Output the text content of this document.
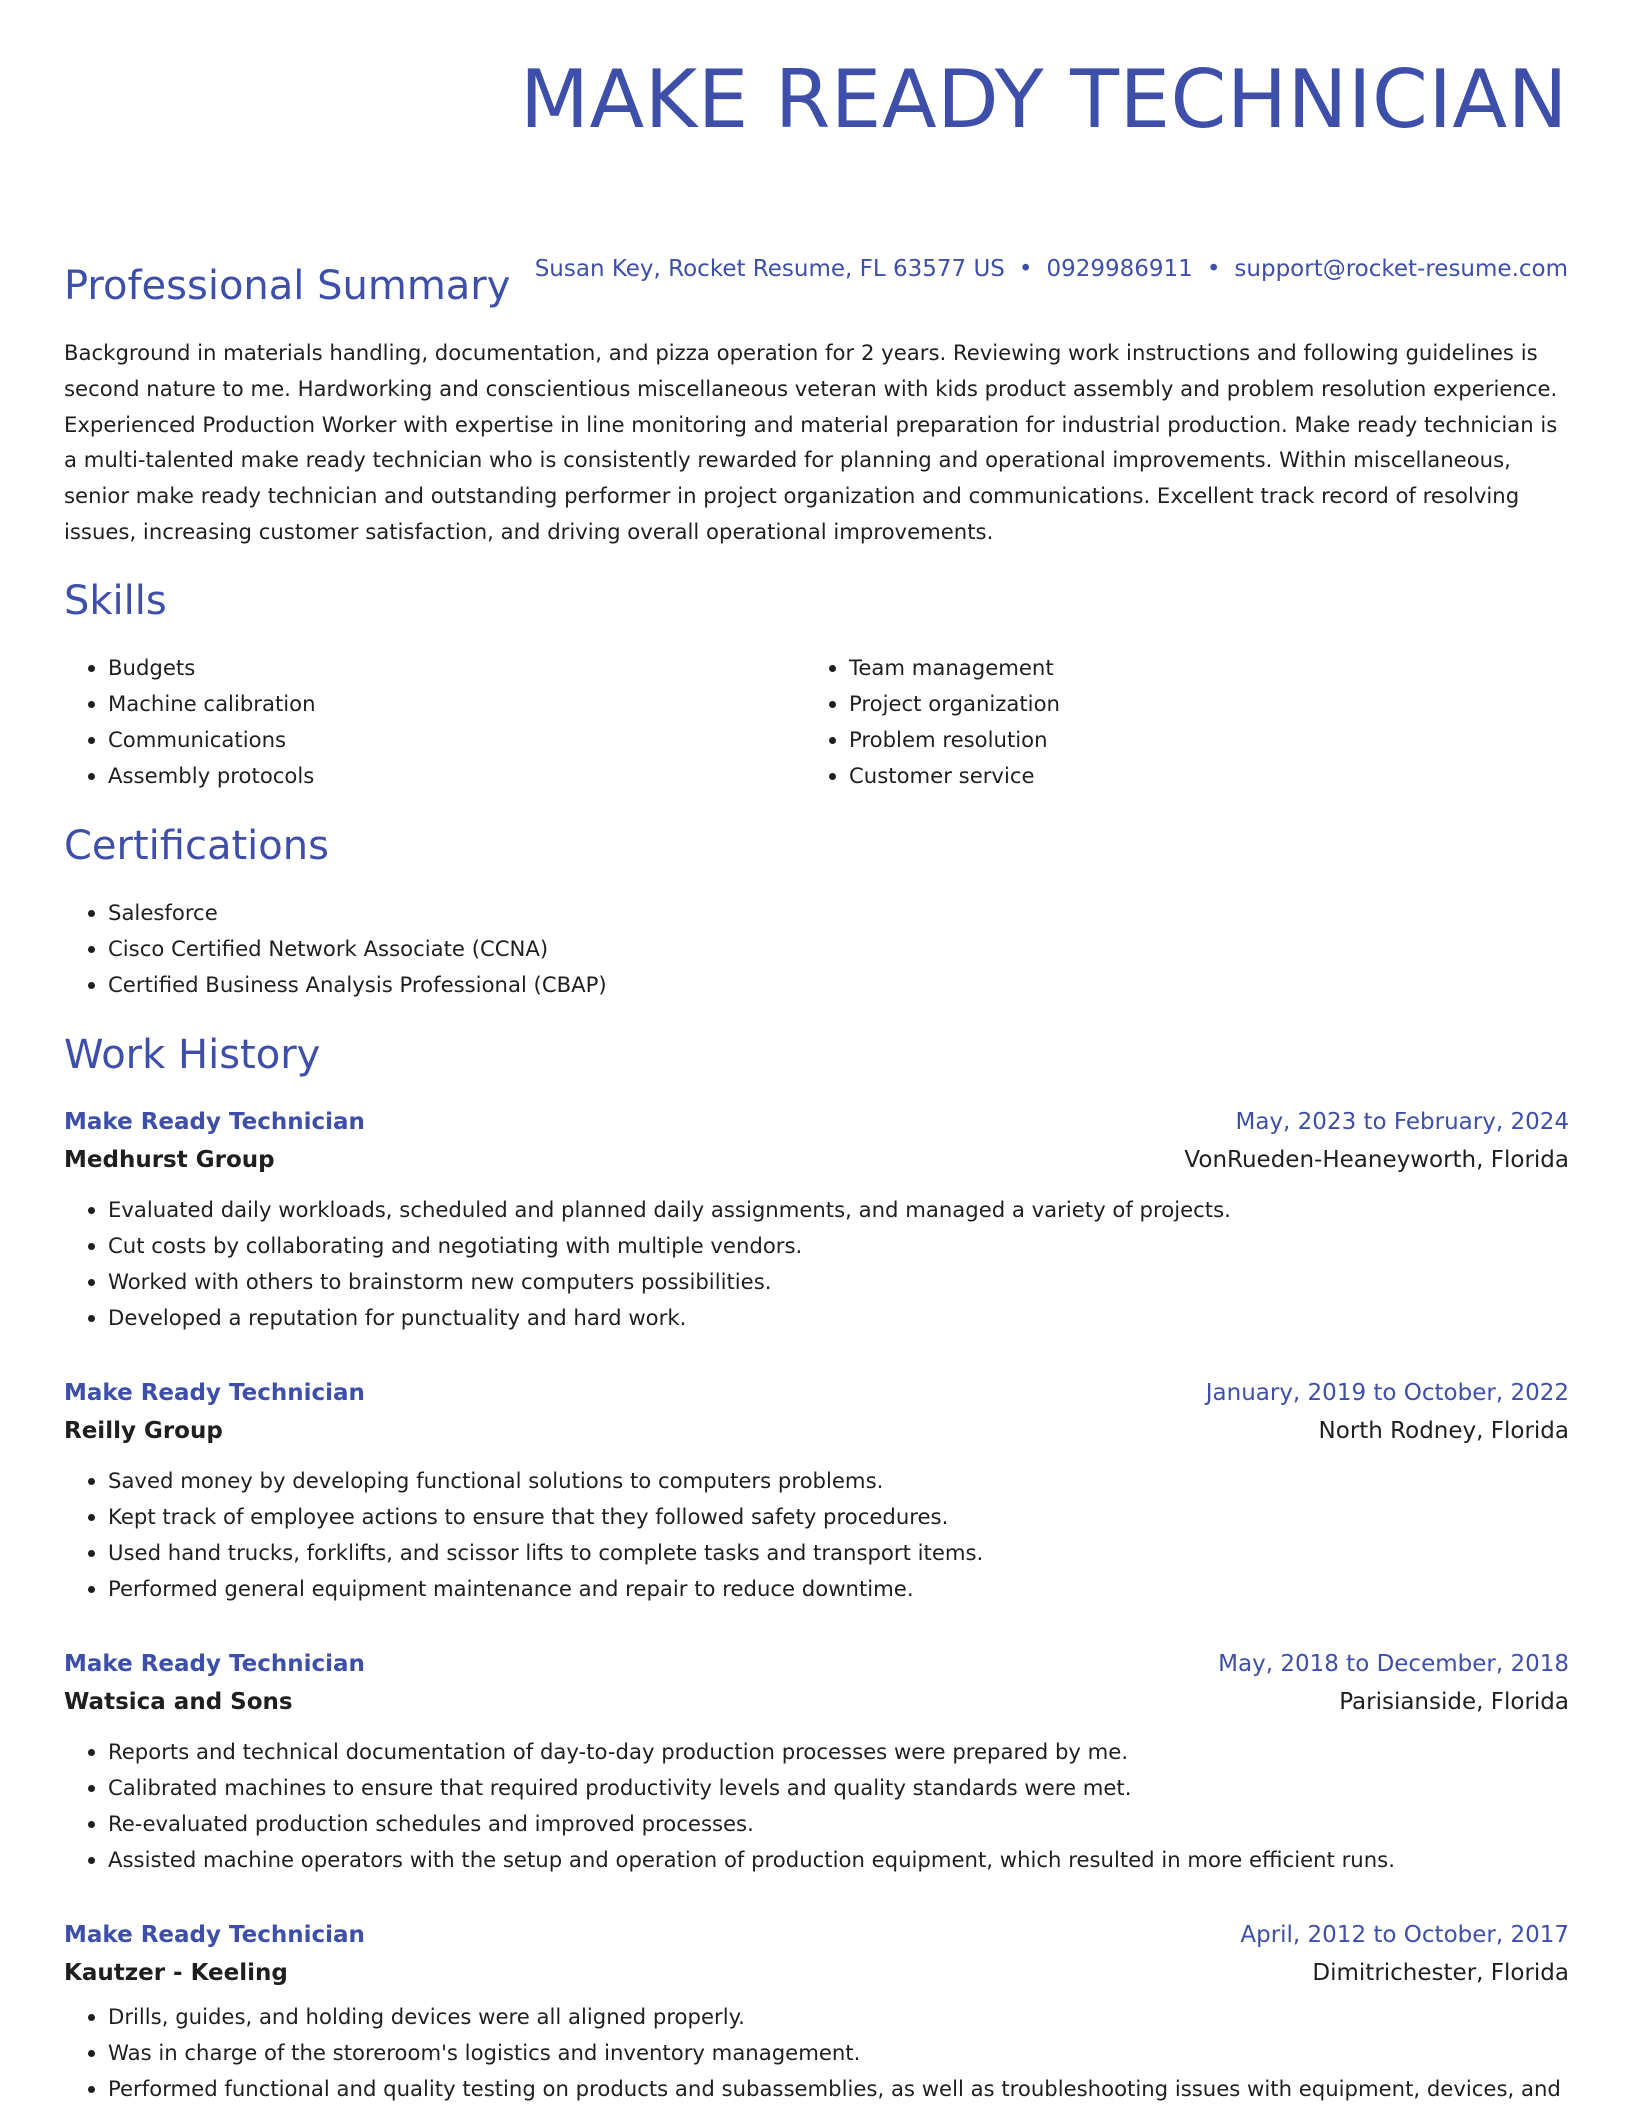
MAKE READY TECHNICIAN
Susan Key, Rocket Resume, FL 63577 US • 0929986911 • support@rocket-resume.com
Professional Summary

Background in materials handling, documentation, and pizza operation for 2 years. Reviewing work instructions and following guidelines is second nature to me. Hardworking and conscientious miscellaneous veteran with kids product assembly and problem resolution experience. Experienced Production Worker with expertise in line monitoring and material preparation for industrial production. Make ready technician is a multi-talented make ready technician who is consistently rewarded for planning and operational improvements. Within miscellaneous, senior make ready technician and outstanding performer in project organization and communications. Excellent track record of resolving issues, increasing customer satisfaction, and driving overall operational improvements.

Skills
• Budgets
• Machine calibration
• Communications
• Assembly protocols
• Team management
• Project organization
• Problem resolution
• Customer service
Certifications
• Salesforce
• Cisco Certified Network Associate (CCNA)
• Certified Business Analysis Professional (CBAP)
Work History
Make Ready Technician	May, 2023 to February, 2024
Medhurst Group	VonRueden-Heaneyworth, Florida
• Evaluated daily workloads, scheduled and planned daily assignments, and managed a variety of projects.
• Cut costs by collaborating and negotiating with multiple vendors.
• Worked with others to brainstorm new computers possibilities.
• Developed a reputation for punctuality and hard work.
Make Ready Technician	January, 2019 to October, 2022
Reilly Group	North Rodney, Florida
• Saved money by developing functional solutions to computers problems.
• Kept track of employee actions to ensure that they followed safety procedures.
• Used hand trucks, forklifts, and scissor lifts to complete tasks and transport items.
• Performed general equipment maintenance and repair to reduce downtime.
Make Ready Technician	May, 2018 to December, 2018
Watsica and Sons	Parisianside, Florida
• Reports and technical documentation of day-to-day production processes were prepared by me.
• Calibrated machines to ensure that required productivity levels and quality standards were met.
• Re-evaluated production schedules and improved processes.
• Assisted machine operators with the setup and operation of production equipment, which resulted in more efficient runs.
Make Ready Technician	April, 2012 to October, 2017
Kautzer - Keeling	Dimitrichester, Florida
• Drills, guides, and holding devices were all aligned properly.
• Was in charge of the storeroom's logistics and inventory management.
• Performed functional and quality testing on products and subassemblies, as well as troubleshooting issues with equipment, devices, and
